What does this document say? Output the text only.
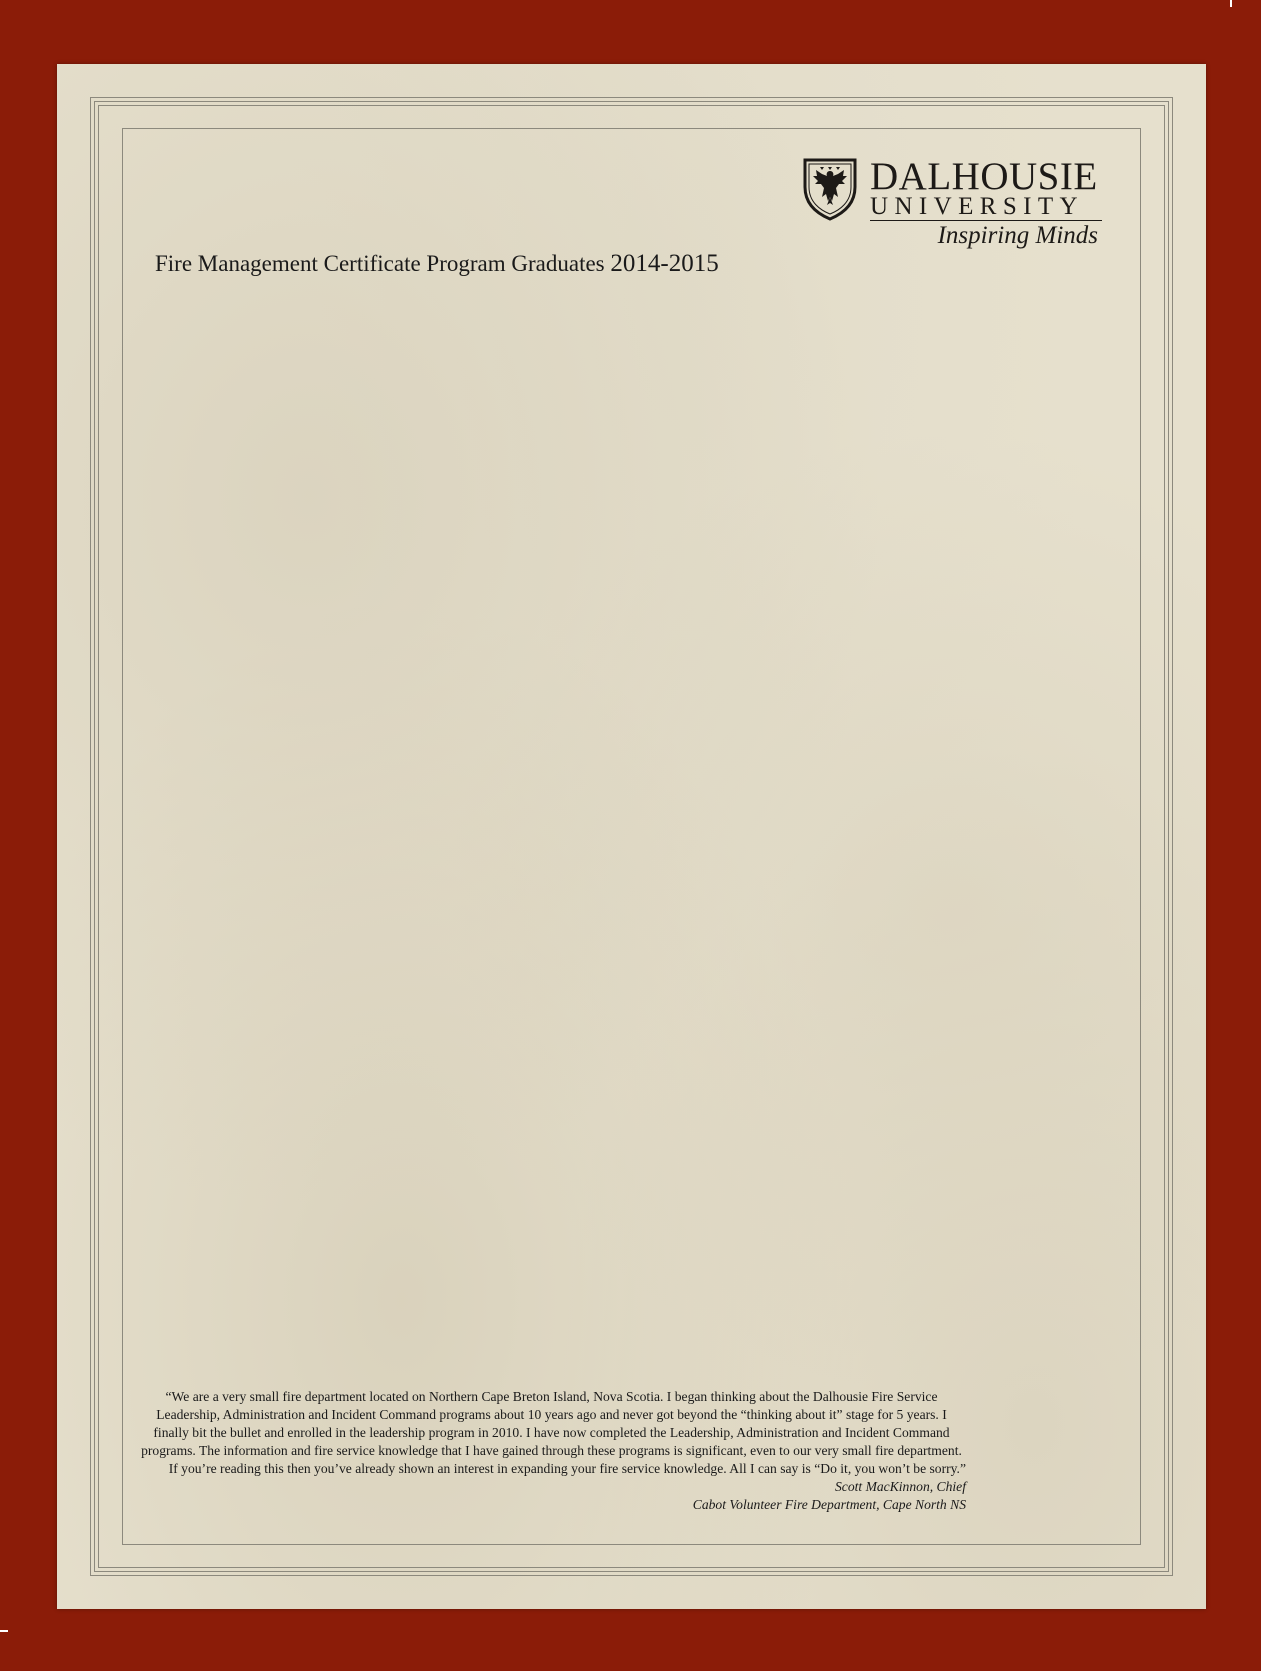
DALHOUSIE
UNIVERSITY
Inspiring Minds
Fire Management Certificate Program Graduates 2014-2015

“We are a very small fire department located on Northern Cape Breton Island, Nova Scotia. I began thinking about the Dalhousie Fire Service Leadership, Administration and Incident Command programs about 10 years ago and never got beyond the “thinking about it” stage for 5 years. I finally bit the bullet and enrolled in the leadership program in 2010. I have now completed the Leadership, Administration and Incident Command programs. The information and fire service knowledge that I have gained through these programs is significant, even to our very small fire department. If you’re reading this then you’ve already shown an interest in expanding your fire service knowledge. All I can say is “Do it, you won’t be sorry.”

Scott MacKinnon, Chief

Cabot Volunteer Fire Department, Cape North NS
